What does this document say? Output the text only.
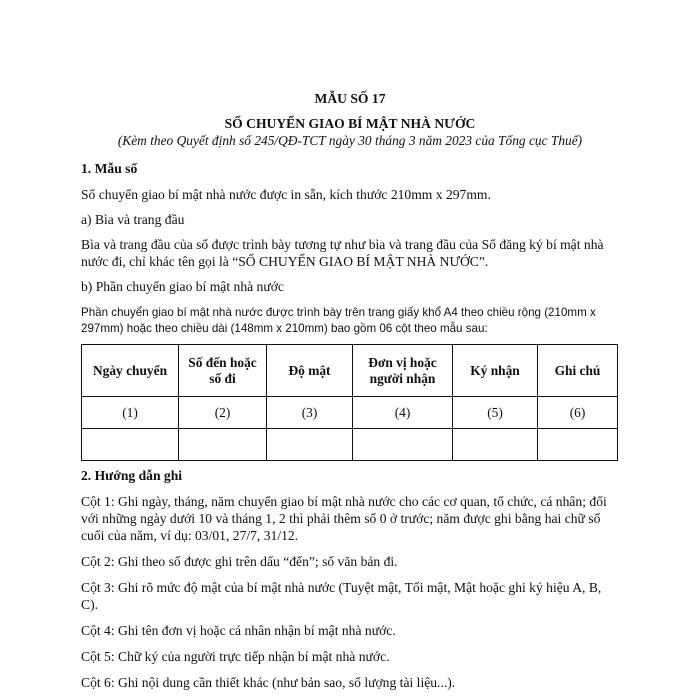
MẪU SỐ 17
SỔ CHUYỂN GIAO BÍ MẬT NHÀ NƯỚC
(Kèm theo Quyết định số 245/QĐ-TCT ngày 30 tháng 3 năm 2023 của Tổng cục Thuế)
1. Mẫu sổ
Sổ chuyển giao bí mật nhà nước được in sẵn, kích thước 210mm x 297mm.
a) Bìa và trang đầu
Bìa và trang đầu của sổ được trình bày tương tự như bìa và trang đầu của Sổ đăng ký bí mật nhà
nước đi, chỉ khác tên gọi là “SỔ CHUYỂN GIAO BÍ MẬT NHÀ NƯỚC”.
b) Phần chuyển giao bí mật nhà nước
Phần chuyển giao bí mật nhà nước được trình bày trên trang giấy khổ A4 theo chiều rộng (210mm x
297mm) hoặc theo chiều dài (148mm x 210mm) bao gồm 06 cột theo mẫu sau:
Ngày chuyển	Số đến hoặc số đi	Độ mật	Đơn vị hoặc người nhận	Ký nhận	Ghi chú
(1)	(2)	(3)	(4)	(5)	(6)

2. Hướng dẫn ghi
Cột 1: Ghi ngày, tháng, năm chuyển giao bí mật nhà nước cho các cơ quan, tổ chức, cá nhân; đối
với những ngày dưới 10 và tháng 1, 2 thì phải thêm số 0 ở trước; năm được ghi bằng hai chữ số
cuối của năm, ví dụ: 03/01, 27/7, 31/12.
Cột 2: Ghi theo số được ghi trên dấu “đến”; số văn bản đi.
Cột 3: Ghi rõ mức độ mật của bí mật nhà nước (Tuyệt mật, Tối mật, Mật hoặc ghi ký hiệu A, B,
C).
Cột 4: Ghi tên đơn vị hoặc cá nhân nhận bí mật nhà nước.
Cột 5: Chữ ký của người trực tiếp nhận bí mật nhà nước.
Cột 6: Ghi nội dung cần thiết khác (như bản sao, số lượng tài liệu...).
